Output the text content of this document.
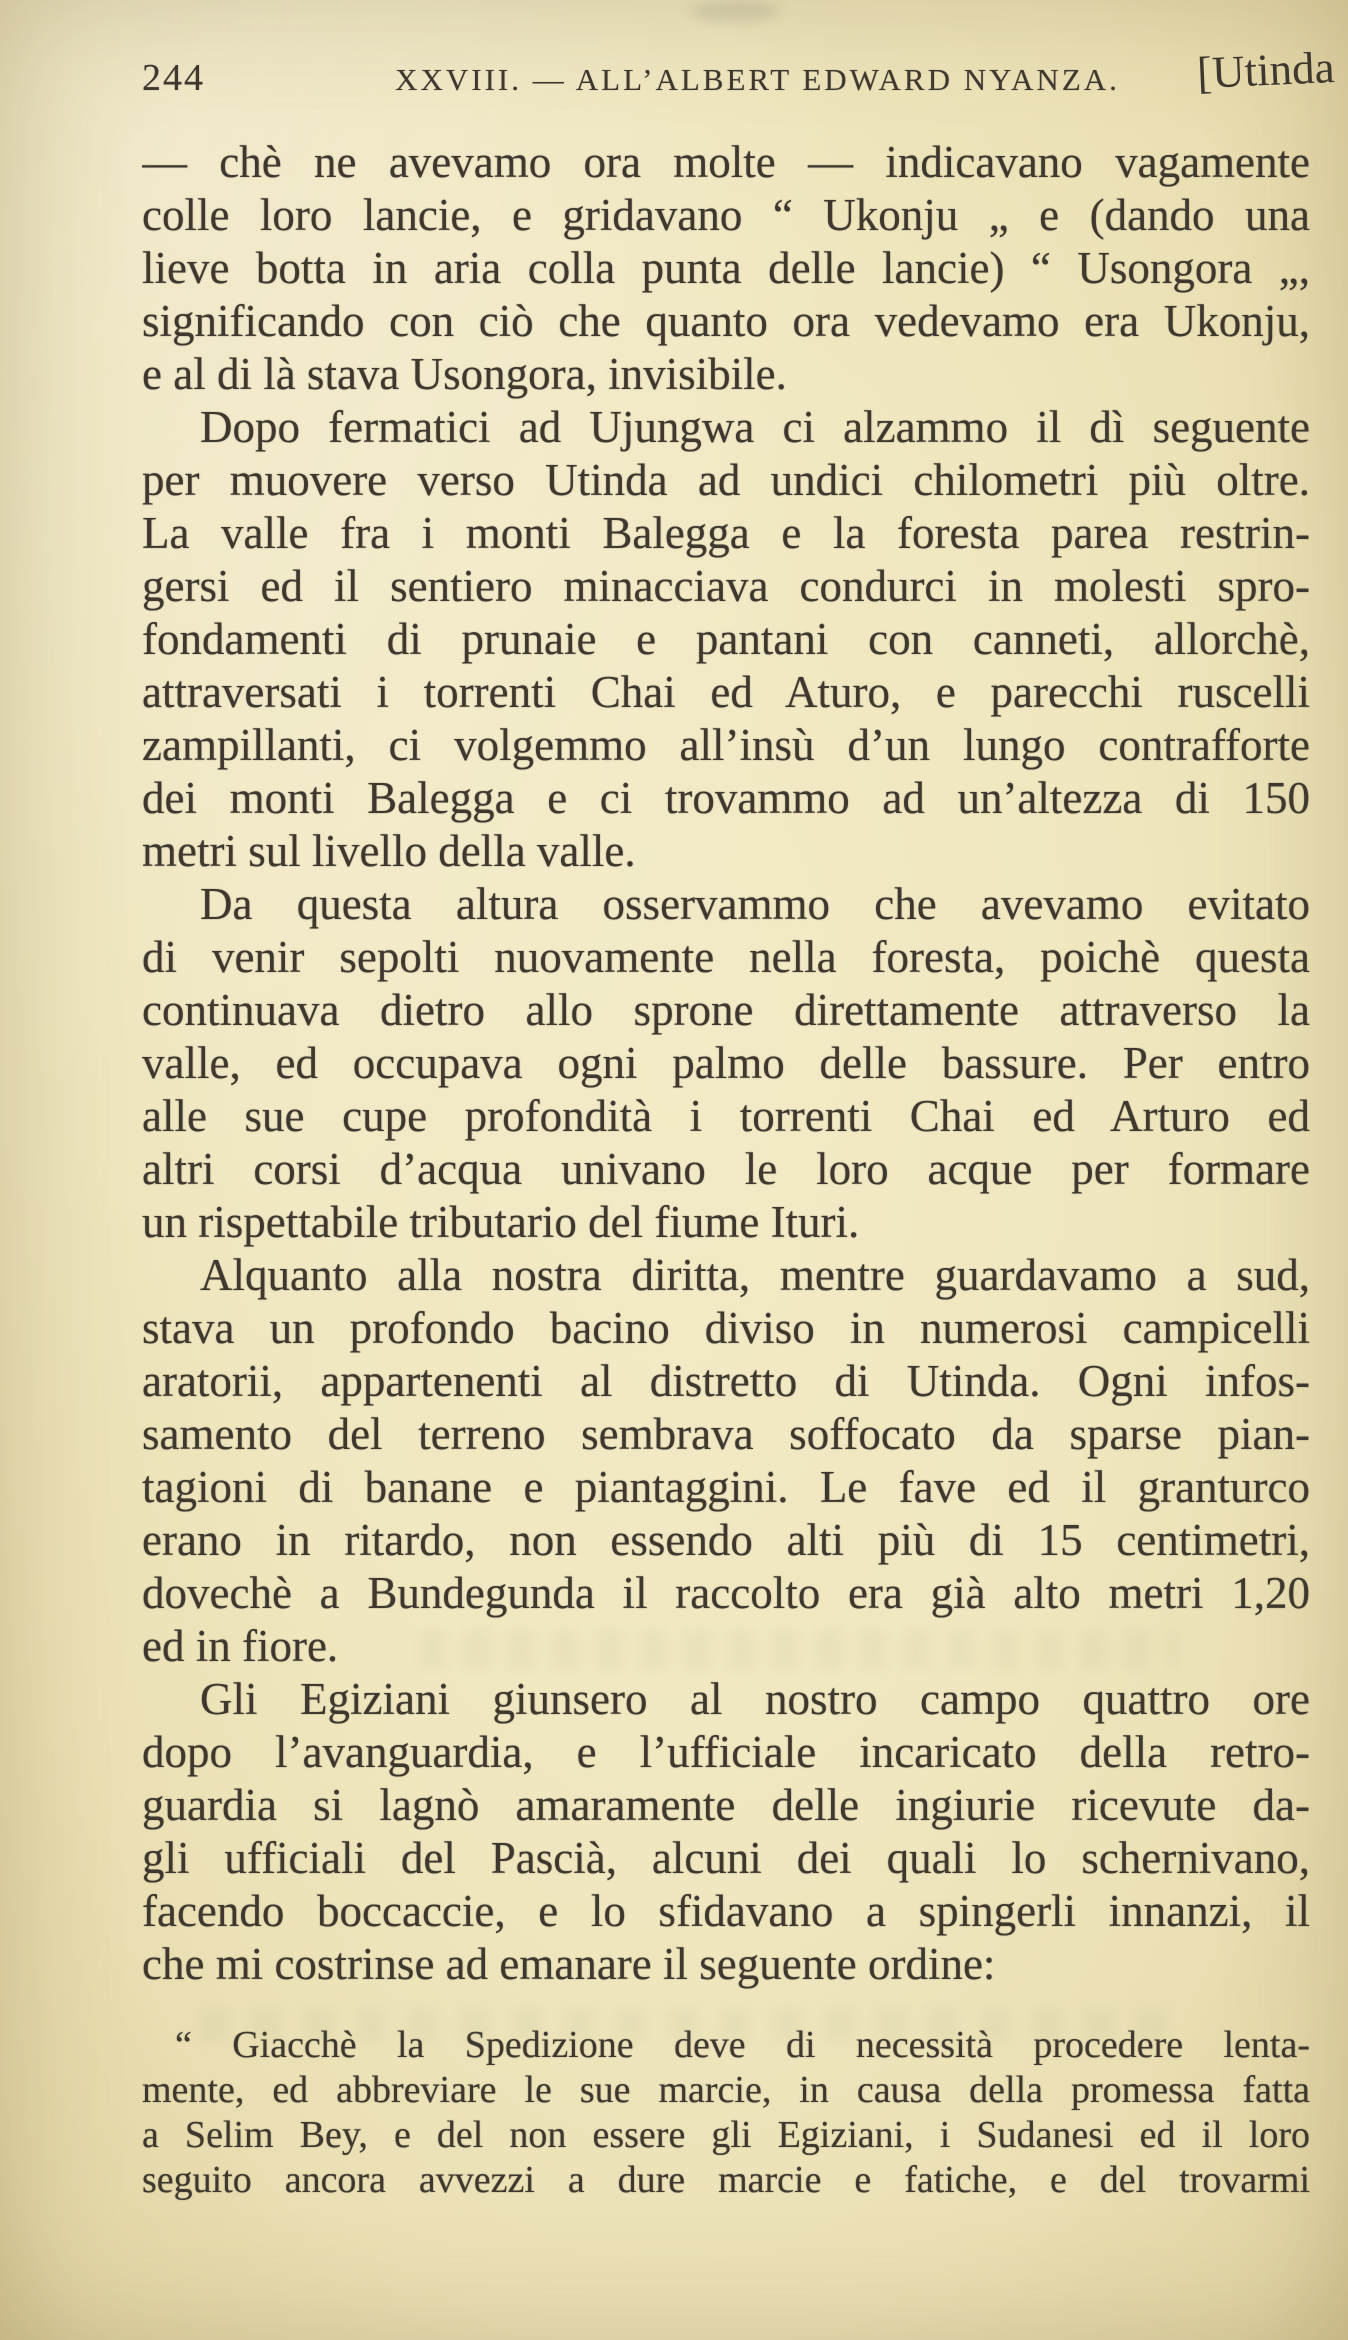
244	XXVIII. — ALL’ALBERT EDWARD NYANZA.	[Utinda
— chè ne avevamo ora molte — indicavano vagamente
colle loro lancie, e gridavano “ Ukonju „ e (dando una
lieve botta in aria colla punta delle lancie) “ Usongora „,
significando con ciò che quanto ora vedevamo era Ukonju,
e al di là stava Usongora, invisibile.
Dopo fermatici ad Ujungwa ci alzammo il dì seguente
per muovere verso Utinda ad undici chilometri più oltre.
La valle fra i monti Balegga e la foresta parea restrin-
gersi ed il sentiero minacciava condurci in molesti spro-
fondamenti di prunaie e pantani con canneti, allorchè,
attraversati i torrenti Chai ed Aturo, e parecchi ruscelli
zampillanti, ci volgemmo all’insù d’un lungo contrafforte
dei monti Balegga e ci trovammo ad un’altezza di 150
metri sul livello della valle.
Da questa altura osservammo che avevamo evitato
di venir sepolti nuovamente nella foresta, poichè questa
continuava dietro allo sprone direttamente attraverso la
valle, ed occupava ogni palmo delle bassure. Per entro
alle sue cupe profondità i torrenti Chai ed Arturo ed
altri corsi d’acqua univano le loro acque per formare
un rispettabile tributario del fiume Ituri.
Alquanto alla nostra diritta, mentre guardavamo a sud,
stava un profondo bacino diviso in numerosi campicelli
aratorii, appartenenti al distretto di Utinda. Ogni infos-
samento del terreno sembrava soffocato da sparse pian-
tagioni di banane e piantaggini. Le fave ed il granturco
erano in ritardo, non essendo alti più di 15 centimetri,
dovechè a Bundegunda il raccolto era già alto metri 1,20
ed in fiore.
Gli Egiziani giunsero al nostro campo quattro ore
dopo l’avanguardia, e l’ufficiale incaricato della retro-
guardia si lagnò amaramente delle ingiurie ricevute da-
gli ufficiali del Pascià, alcuni dei quali lo schernivano,
facendo boccaccie, e lo sfidavano a spingerli innanzi, il
che mi costrinse ad emanare il seguente ordine:
“ Giacchè la Spedizione deve di necessità procedere lenta-
mente, ed abbreviare le sue marcie, in causa della promessa fatta
a Selim Bey, e del non essere gli Egiziani, i Sudanesi ed il loro
seguito ancora avvezzi a dure marcie e fatiche, e del trovarmi
